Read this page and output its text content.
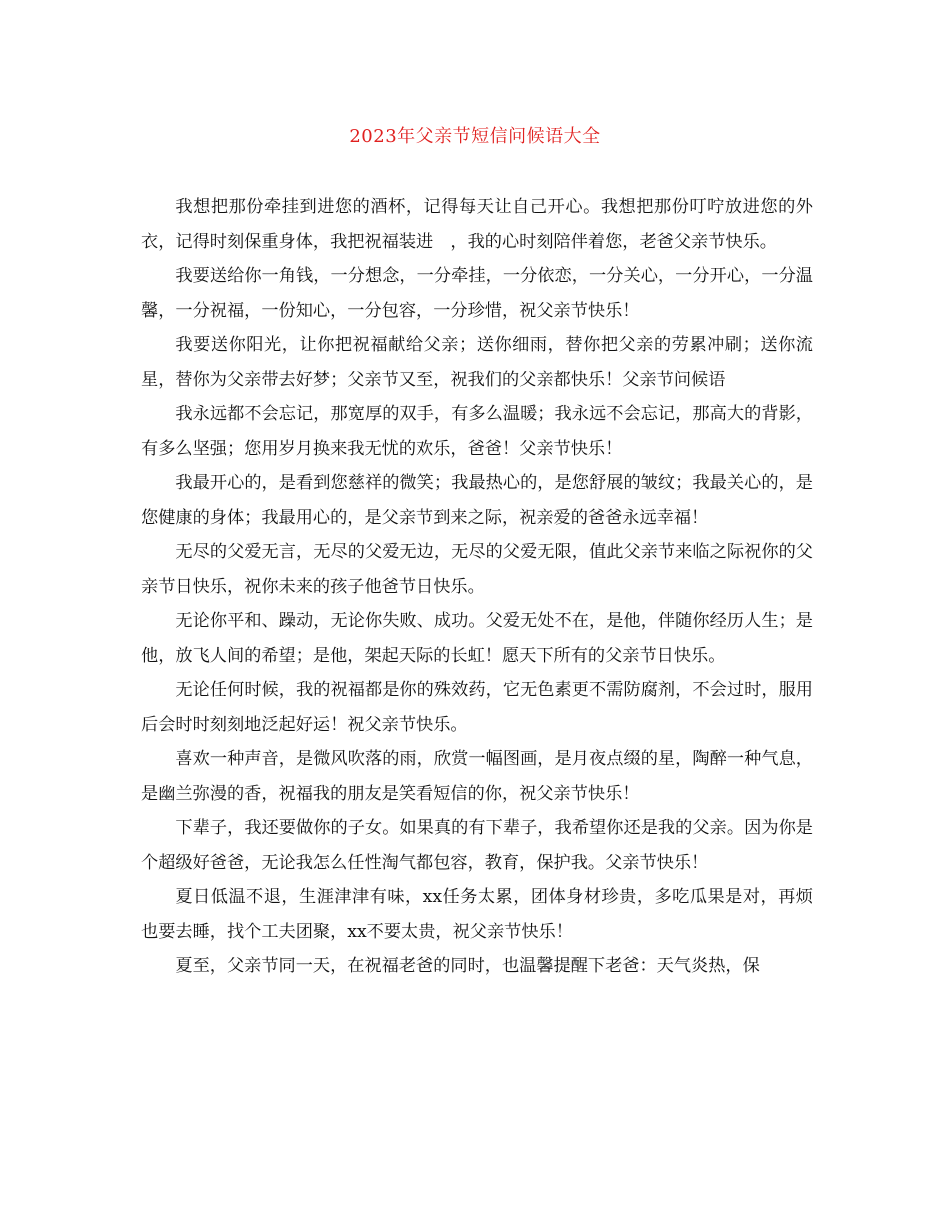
2023年父亲节短信问候语大全

我想把那份牵挂到进您的酒杯，记得每天让自己开心。我想把那份叮咛放进您的外衣，记得时刻保重身体，我把祝福装进　，我的心时刻陪伴着您，老爸父亲节快乐。

我要送给你一角钱，一分想念，一分牵挂，一分依恋，一分关心，一分开心，一分温馨，一分祝福，一份知心，一分包容，一分珍惜，祝父亲节快乐！

我要送你阳光，让你把祝福献给父亲；送你细雨，替你把父亲的劳累冲刷；送你流星，替你为父亲带去好梦；父亲节又至，祝我们的父亲都快乐！父亲节问候语

我永远都不会忘记，那宽厚的双手，有多么温暖；我永远不会忘记，那高大的背影，有多么坚强；您用岁月换来我无忧的欢乐，爸爸！父亲节快乐！

我最开心的，是看到您慈祥的微笑；我最热心的，是您舒展的皱纹；我最关心的，是您健康的身体；我最用心的，是父亲节到来之际，祝亲爱的爸爸永远幸福！

无尽的父爱无言，无尽的父爱无边，无尽的父爱无限，值此父亲节来临之际祝你的父亲节日快乐，祝你未来的孩子他爸节日快乐。

无论你平和、躁动，无论你失败、成功。父爱无处不在，是他，伴随你经历人生；是他，放飞人间的希望；是他，架起天际的长虹！愿天下所有的父亲节日快乐。

无论任何时候，我的祝福都是你的殊效药，它无色素更不需防腐剂，不会过时，服用后会时时刻刻地泛起好运！祝父亲节快乐。

喜欢一种声音，是微风吹落的雨，欣赏一幅图画，是月夜点缀的星，陶醉一种气息，是幽兰弥漫的香，祝福我的朋友是笑看短信的你，祝父亲节快乐！

下辈子，我还要做你的子女。如果真的有下辈子，我希望你还是我的父亲。因为你是个超级好爸爸，无论我怎么任性淘气都包容，教育，保护我。父亲节快乐！

夏日低温不退，生涯津津有味，xx任务太累，团体身材珍贵，多吃瓜果是对，再烦也要去睡，找个工夫团聚，xx不要太贵，祝父亲节快乐！

夏至，父亲节同一天，在祝福老爸的同时，也温馨提醒下老爸：天气炎热，保
